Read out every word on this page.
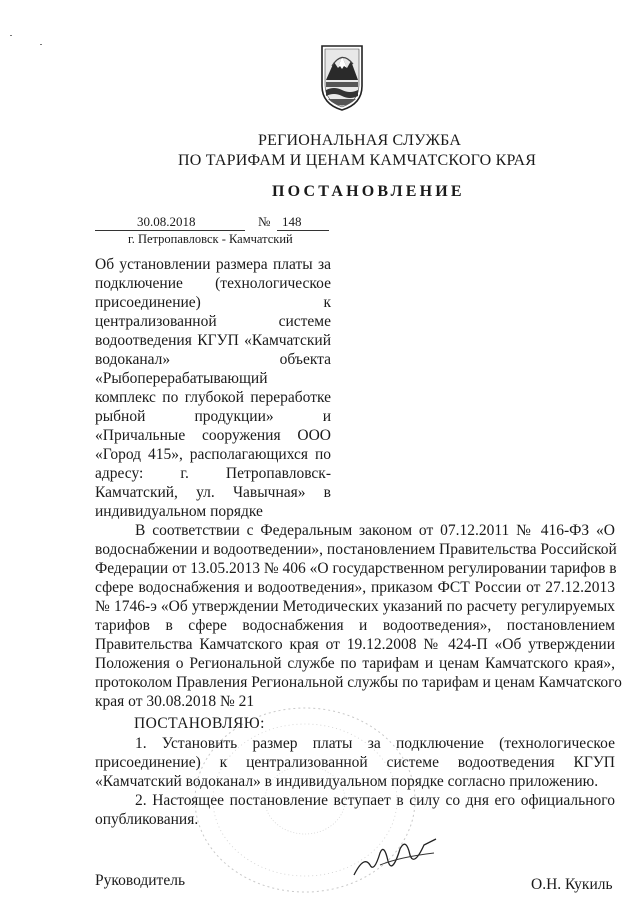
РЕГИОНАЛЬНАЯ СЛУЖБА
ПО ТАРИФАМ И ЦЕНАМ КАМЧАТСКОГО КРАЯ
ПОСТАНОВЛЕНИЕ
30.08.2018	№ 148
г. Петропавловск - Камчатский
Об установлении размера платы за
подключение (технологическое
присоединение) к
централизованной системе
водоотведения КГУП «Камчатский
водоканал» объекта
«Рыбоперерабатывающий
комплекс по глубокой переработке
рыбной продукции» и
«Причальные сооружения ООО
«Город 415», располагающихся по
адресу: г. Петропавловск-
Камчатский, ул. Чавычная» в
индивидуальном порядке
В соответствии с Федеральным законом от 07.12.2011 № 416-ФЗ «О
водоснабжении и водоотведении», постановлением Правительства Российской
Федерации от 13.05.2013 № 406 «О государственном регулировании тарифов в
сфере водоснабжения и водоотведения», приказом ФСТ России от 27.12.2013
№ 1746-э «Об утверждении Методических указаний по расчету регулируемых
тарифов в сфере водоснабжения и водоотведения», постановлением
Правительства Камчатского края от 19.12.2008 № 424-П «Об утверждении
Положения о Региональной службе по тарифам и ценам Камчатского края»,
протоколом Правления Региональной службы по тарифам и ценам Камчатского
края от 30.08.2018 № 21
ПОСТАНОВЛЯЮ:
1. Установить размер платы за подключение (технологическое
присоединение) к централизованной системе водоотведения КГУП
«Камчатский водоканал» в индивидуальном порядке согласно приложению.
2. Настоящее постановление вступает в силу со дня его официального
опубликования.
Руководитель	О.Н. Кукиль
